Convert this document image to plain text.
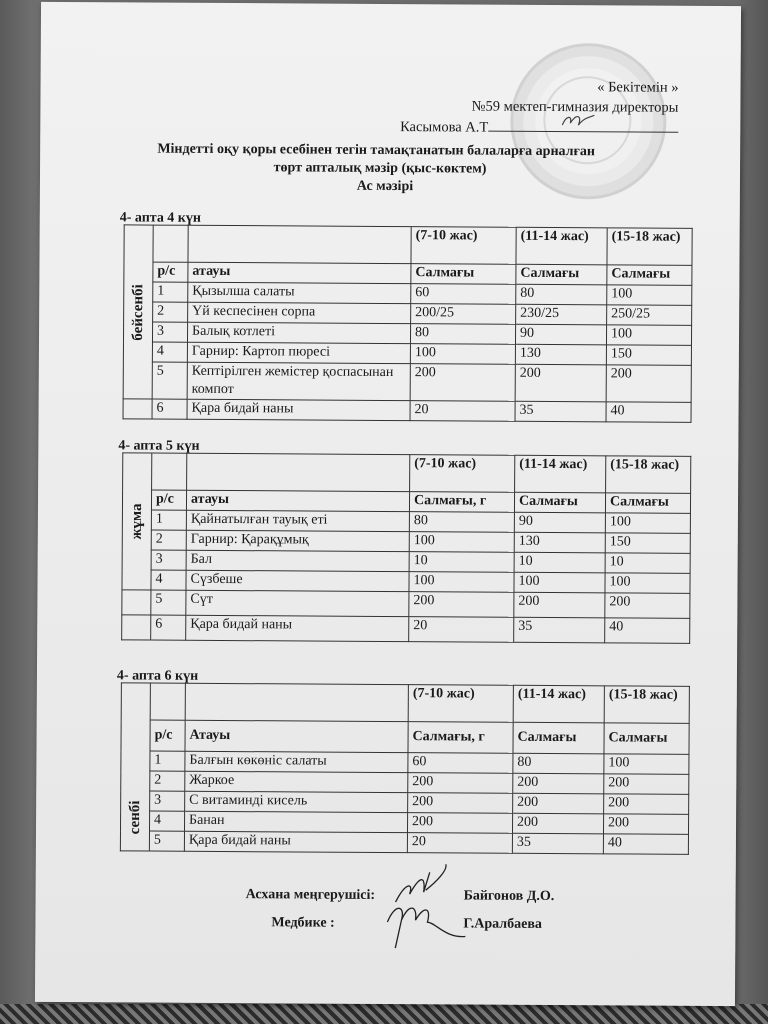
« Бекітемін »
№59 мектеп-гимназия директоры
Касымова А.Т
Міндетті оқу қоры есебінен тегін тамақтанатын балаларға арналған
төрт апталық мәзір (қыс-көктем)
Ас мәзірі
4- апта 4 күн
бейсенбі			(7-10 жас)	(11-14 жас)	(15-18 жас)
	р/с	атауы	Салмағы	Салмағы	Салмағы
	1	Қызылша салаты	60	80	100
	2	Үй кеспесінен сорпа	200/25	230/25	250/25
	3	Балық котлеті	80	90	100
	4	Гарнир: Картоп пюресі	100	130	150
	5	Кептірілген жемістер қоспасынан компот	200	200	200
	6	Қара бидай наны	20	35	40
4- апта 5 күн
жұма			(7-10 жас)	(11-14 жас)	(15-18 жас)
	р/с	атауы	Салмағы, г	Салмағы	Салмағы
	1	Қайнатылған тауық еті	80	90	100
	2	Гарнир: Қарақұмық	100	130	150
	3	Бал	10	10	10
	4	Сүзбеше	100	100	100
	5	Сүт	200	200	200
	6	Қара бидай наны	20	35	40
4- апта 6 күн
сенбі			(7-10 жас)	(11-14 жас)	(15-18 жас)
	р/с	Атауы	Салмағы, г	Салмағы	Салмағы
	1	Балғын көкөніс салаты	60	80	100
	2	Жаркое	200	200	200
	3	С витаминді кисель	200	200	200
	4	Банан	200	200	200
	5	Қара бидай наны	20	35	40
Асхана меңгерушісі:	Байгонов Д.О.
Медбике :	Г.Аралбаева
